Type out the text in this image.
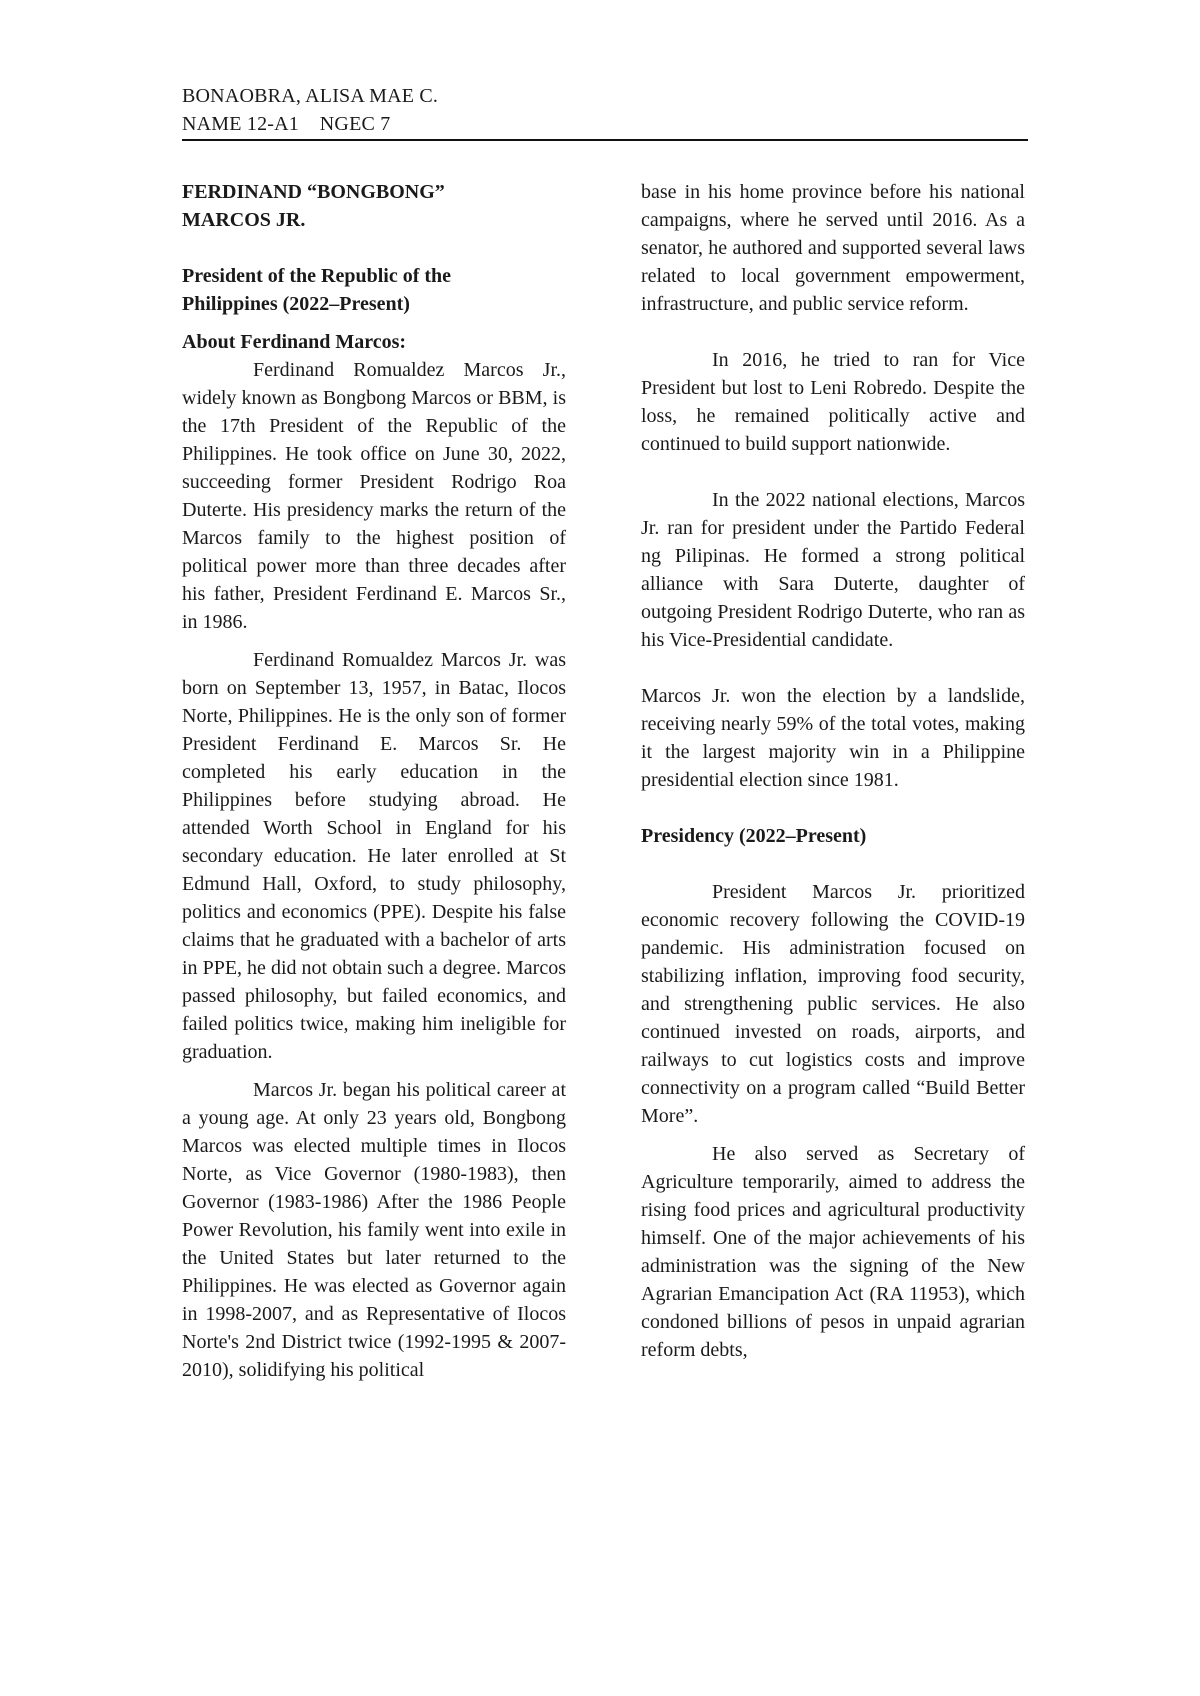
BONAOBRA, ALISA MAE C.
NAME 12-A1    NGEC 7

FERDINAND “BONGBONG”

MARCOS JR.

President of the Republic of the

Philippines (2022–Present)

About Ferdinand Marcos:

Ferdinand Romualdez Marcos Jr., widely known as Bongbong Marcos or BBM, is the 17th President of the Republic of the Philippines. He took office on June 30, 2022, succeeding former President Rodrigo Roa Duterte. His presidency marks the return of the Marcos family to the highest position of political power more than three decades after his father, President Ferdinand E. Marcos Sr., in 1986.

Ferdinand Romualdez Marcos Jr. was born on September 13, 1957, in Batac, Ilocos Norte, Philippines. He is the only son of former President Ferdinand E. Marcos Sr. He completed his early education in the Philippines before studying abroad. He attended Worth School in England for his secondary education. He later enrolled at St Edmund Hall, Oxford, to study philosophy, politics and economics (PPE). Despite his false claims that he graduated with a bachelor of arts in PPE, he did not obtain such a degree. Marcos passed philosophy, but failed economics, and failed politics twice, making him ineligible for graduation.

Marcos Jr. began his political career at a young age. At only 23 years old, Bongbong Marcos was elected multiple times in Ilocos Norte, as Vice Governor (1980-1983), then Governor (1983-1986) After the 1986 People Power Revolution, his family went into exile in the United States but later returned to the Philippines. He was elected as Governor again in 1998-2007, and as Representative of Ilocos Norte's 2nd District twice (1992-1995 & 2007-2010), solidifying his political

base in his home province before his national campaigns, where he served until 2016. As a senator, he authored and supported several laws related to local government empowerment, infrastructure, and public service reform.

In 2016, he tried to ran for Vice President but lost to Leni Robredo. Despite the loss, he remained politically active and continued to build support nationwide.

In the 2022 national elections, Marcos Jr. ran for president under the Partido Federal ng Pilipinas. He formed a strong political alliance with Sara Duterte, daughter of outgoing President Rodrigo Duterte, who ran as his Vice-Presidential candidate.

Marcos Jr. won the election by a landslide, receiving nearly 59% of the total votes, making it the largest majority win in a Philippine presidential election since 1981.

Presidency (2022–Present)

President Marcos Jr. prioritized economic recovery following the COVID-19 pandemic. His administration focused on stabilizing inflation, improving food security, and strengthening public services. He also continued invested on roads, airports, and railways to cut logistics costs and improve connectivity on a program called “Build Better More”.

He also served as Secretary of Agriculture temporarily, aimed to address the rising food prices and agricultural productivity himself. One of the major achievements of his administration was the signing of the New Agrarian Emancipation Act (RA 11953), which condoned billions of pesos in unpaid agrarian reform debts,
